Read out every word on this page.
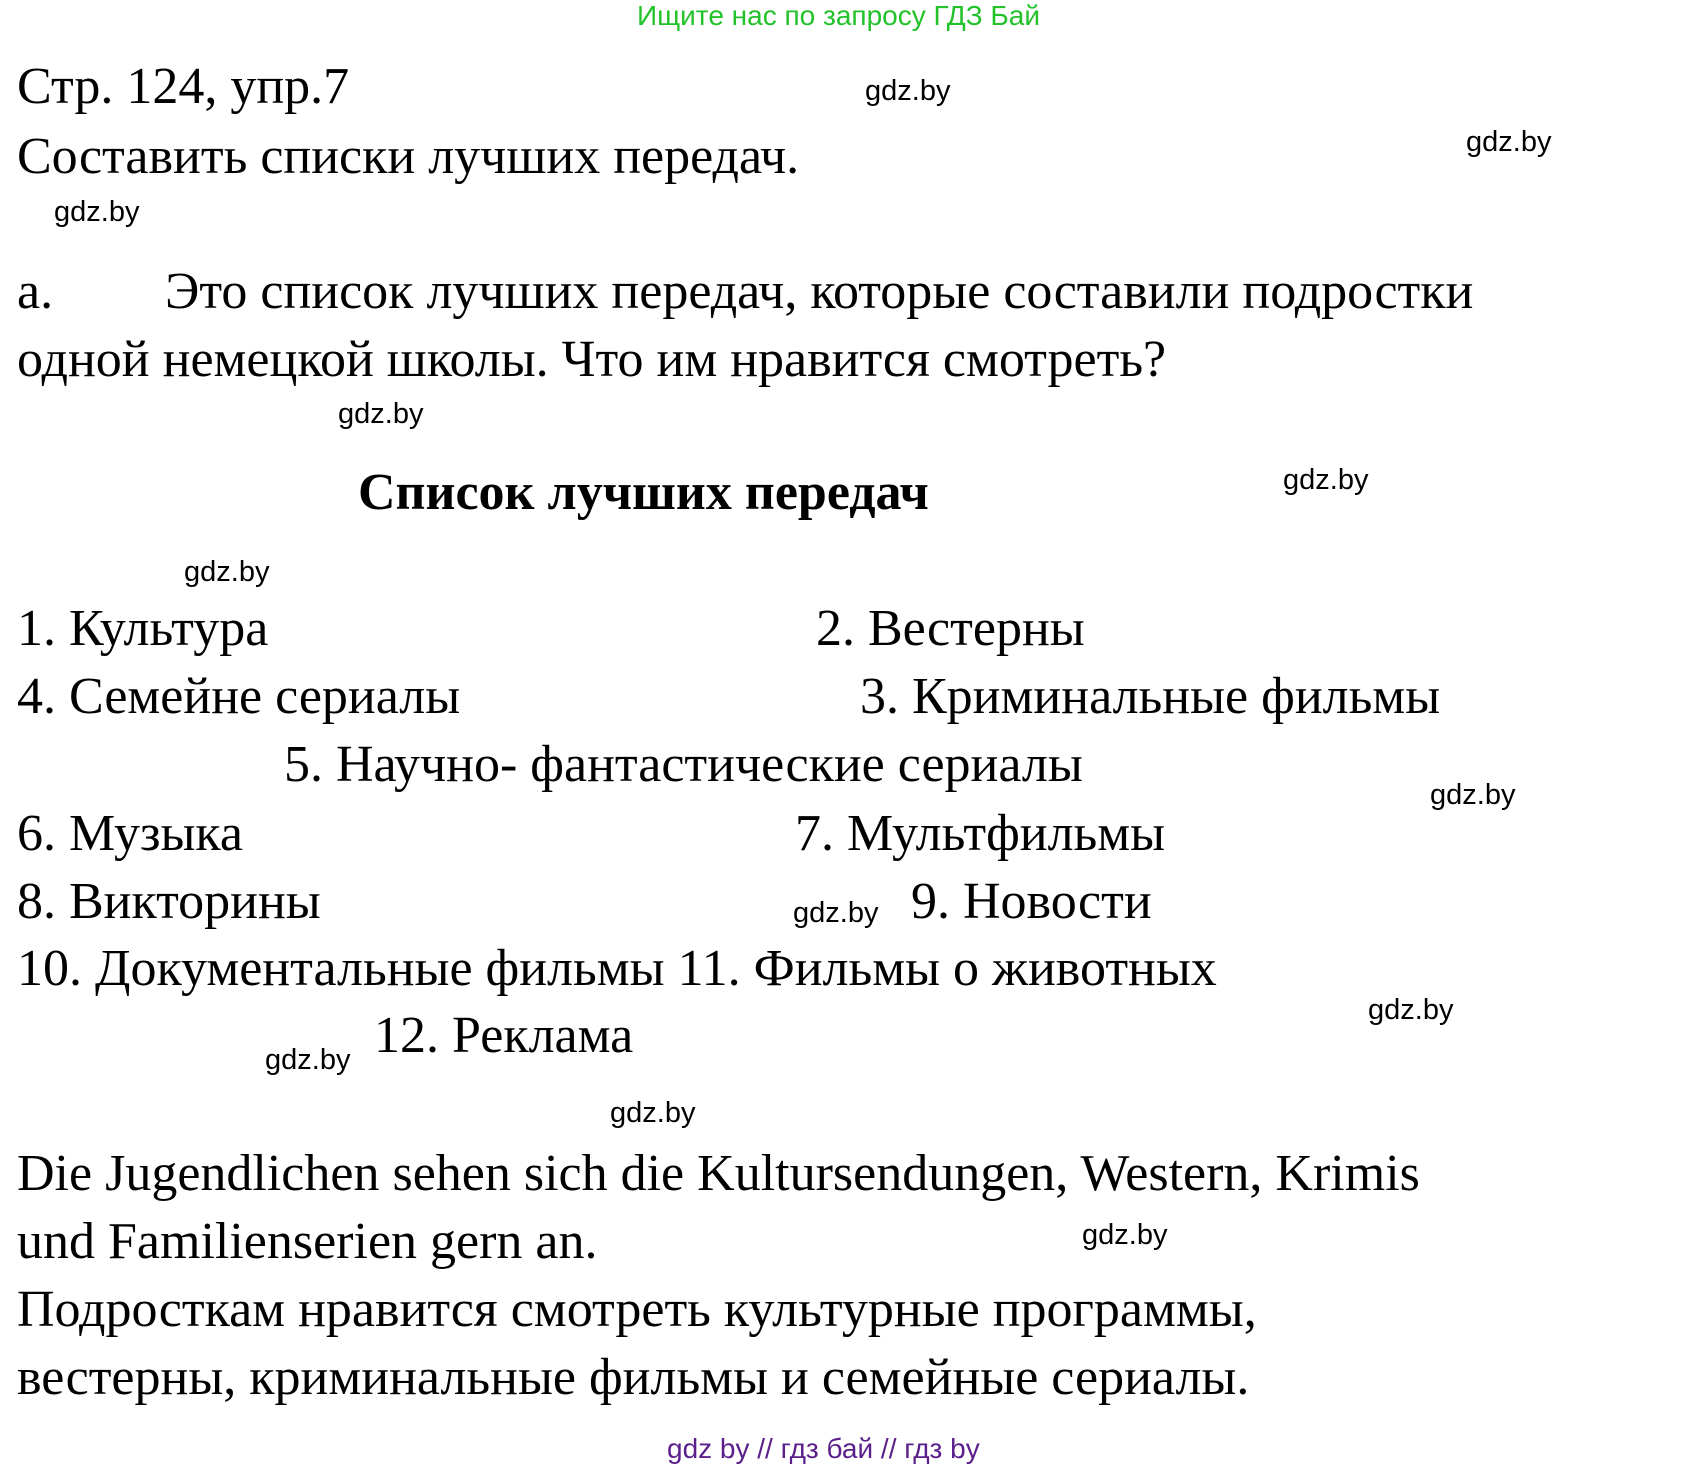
Ищите нас по запросу ГДЗ Бай
Стр. 124, упр.7
Составить списки лучших передач.
а. Это список лучших передач, которые составили подростки
одной немецкой школы. Что им нравится смотреть?
Список лучших передач
1. Культура	2. Вестерны
4. Семейне сериалы	3. Криминальные фильмы
5. Научно- фантастические сериалы
6. Музыка	7. Мультфильмы
8. Викторины	9. Новости
10. Документальные фильмы 11. Фильмы о животных
12. Реклама
Die Jugendlichen sehen sich die Kultursendungen, Western, Krimis
und Familienserien gern an.
Подросткам нравится смотреть культурные программы,
вестерны, криминальные фильмы и семейные сериалы.
gdz.by
gdz.by
gdz.by
gdz.by
gdz.by
gdz.by
gdz.by
gdz.by
gdz.by
gdz.by
gdz.by
gdz.by
gdz by // гдз бай // гдз by
